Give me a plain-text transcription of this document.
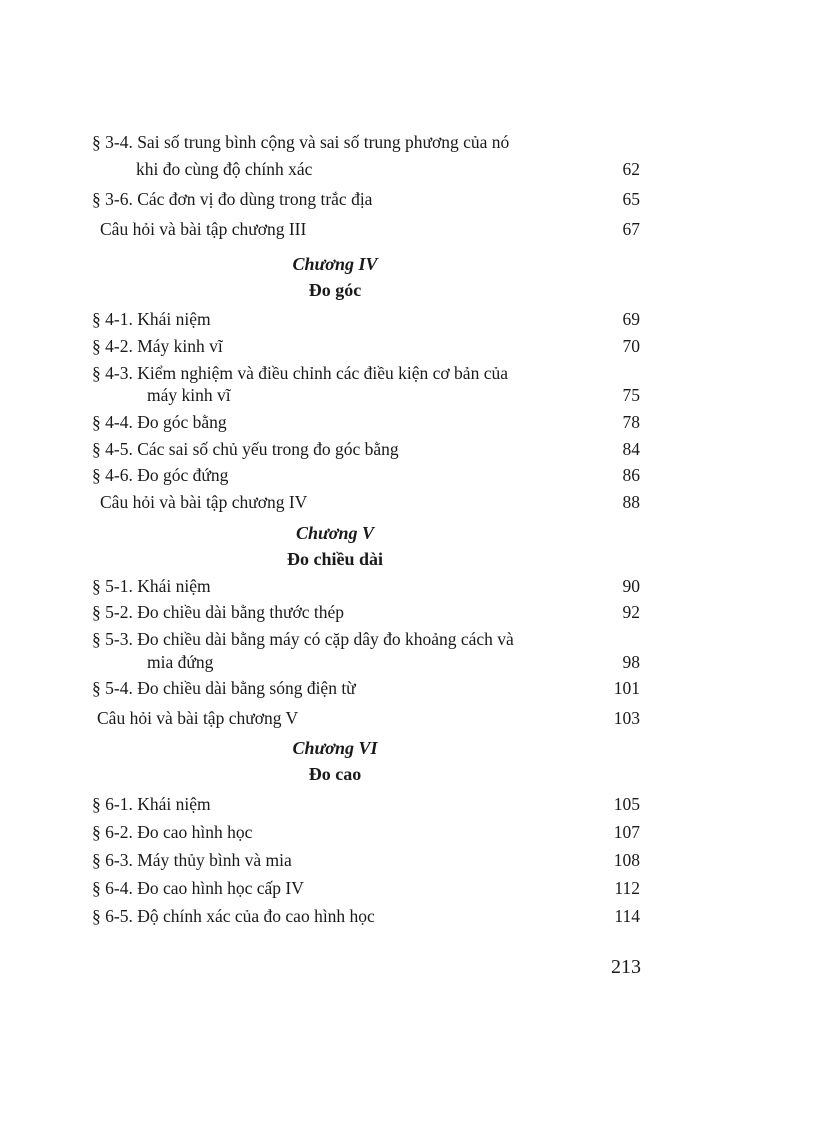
§ 3-4. Sai số trung bình cộng và sai số trung phương của nó
khi đo cùng độ chính xác	62
§ 3-6. Các đơn vị đo dùng trong trắc địa	65
Câu hỏi và bài tập chương III	67
Chương IV
Đo góc
§ 4-1. Khái niệm	69
§ 4-2. Máy kinh vĩ	70
§ 4-3. Kiểm nghiệm và điều chỉnh các điều kiện cơ bản của
máy kinh vĩ	75
§ 4-4. Đo góc bằng	78
§ 4-5. Các sai số chủ yếu trong đo góc bằng	84
§ 4-6. Đo góc đứng	86
Câu hỏi và bài tập chương IV	88
Chương V
Đo chiều dài
§ 5-1. Khái niệm	90
§ 5-2. Đo chiều dài bằng thước thép	92
§ 5-3. Đo chiều dài bằng máy có cặp dây đo khoảng cách và
mia đứng	98
§ 5-4. Đo chiều dài bằng sóng điện từ	101
Câu hỏi và bài tập chương V	103
Chương VI
Đo cao
§ 6-1. Khái niệm	105
§ 6-2. Đo cao hình học	107
§ 6-3. Máy thủy bình và mia	108
§ 6-4. Đo cao hình học cấp IV	112
§ 6-5. Độ chính xác của đo cao hình học	114
213
